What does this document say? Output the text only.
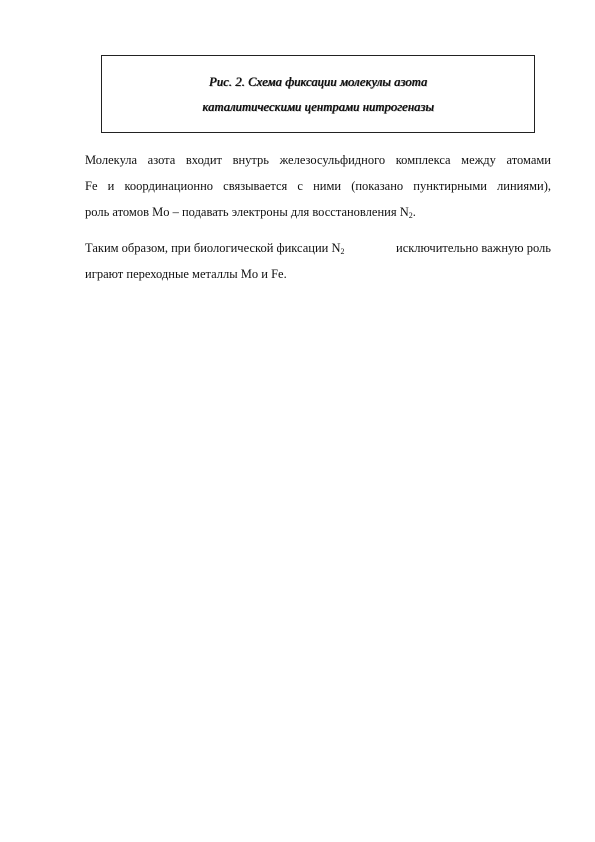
Рис. 2. Схема фиксации молекулы азота
каталитическими центрами нитрогеназы
Молекула азота входит внутрь железосульфидного комплекса между атомами
Fe и координационно связывается с ними (показано пунктирными линиями),
роль атомов Mo – подавать электроны для восстановления $N_2$.
Таким образом, при биологической фиксации $N_2$	исключительно важную роль
играют переходные металлы Mo и Fe.
